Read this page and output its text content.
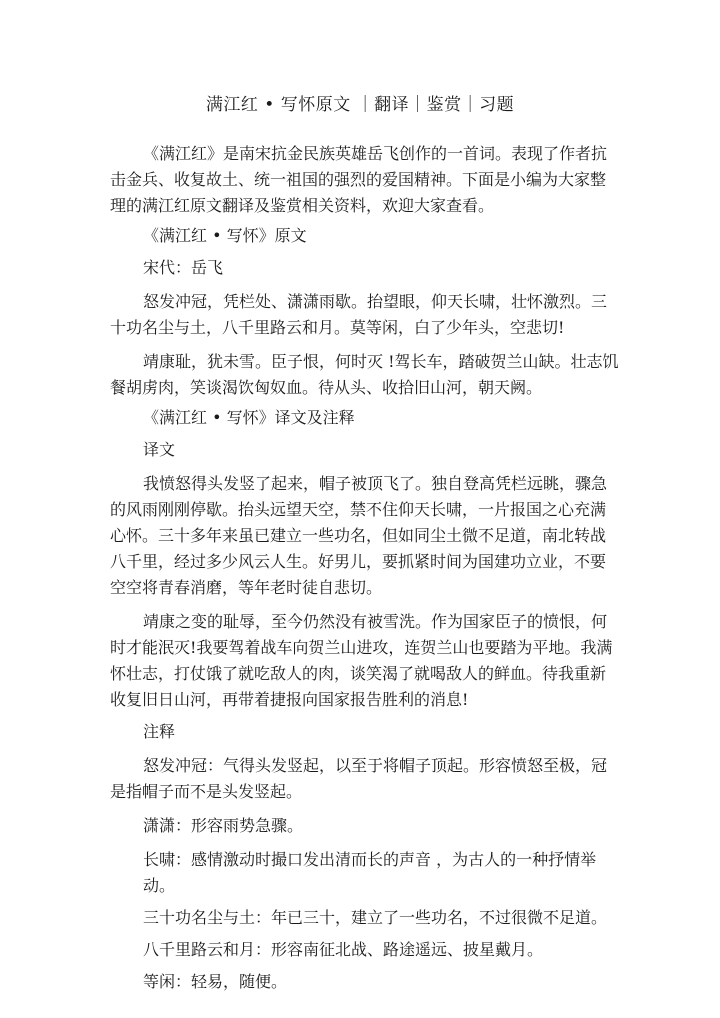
满江红 • 写怀原文 ｜翻译｜鉴赏｜习题

《满江红》是南宋抗金民族英雄岳飞创作的一首词。表现了作者抗击金兵、收复故土、统一祖国的强烈的爱国精神。下面是小编为大家整理的满江红原文翻译及鉴赏相关资料，欢迎大家查看。

《满江红 • 写怀》原文

宋代：岳飞

怒发冲冠，凭栏处、潇潇雨歇。抬望眼，仰天长啸，壮怀激烈。三十功名尘与土，八千里路云和月。莫等闲，白了少年头，空悲切!

靖康耻，犹未雪。臣子恨，何时灭 !驾长车，踏破贺兰山缺。壮志饥餐胡虏肉，笑谈渴饮匈奴血。待从头、收拾旧山河，朝天阙。

《满江红 • 写怀》译文及注释

译文

我愤怒得头发竖了起来，帽子被顶飞了。独自登高凭栏远眺，骤急的风雨刚刚停歇。抬头远望天空，禁不住仰天长啸，一片报国之心充满心怀。三十多年来虽已建立一些功名，但如同尘土微不足道，南北转战八千里，经过多少风云人生。好男儿，要抓紧时间为国建功立业，不要空空将青春消磨，等年老时徒自悲切。

靖康之变的耻辱，至今仍然没有被雪洗。作为国家臣子的愤恨，何时才能泯灭!我要驾着战车向贺兰山进攻，连贺兰山也要踏为平地。我满怀壮志，打仗饿了就吃敌人的肉，谈笑渴了就喝敌人的鲜血。待我重新收复旧日山河，再带着捷报向国家报告胜利的消息!

注释

怒发冲冠：气得头发竖起，以至于将帽子顶起。形容愤怒至极，冠是指帽子而不是头发竖起。

潇潇：形容雨势急骤。

长啸：感情激动时撮口发出清而长的声音 ，为古人的一种抒情举动。

三十功名尘与土：年已三十，建立了一些功名，不过很微不足道。

八千里路云和月：形容南征北战、路途遥远、披星戴月。

等闲：轻易，随便。
